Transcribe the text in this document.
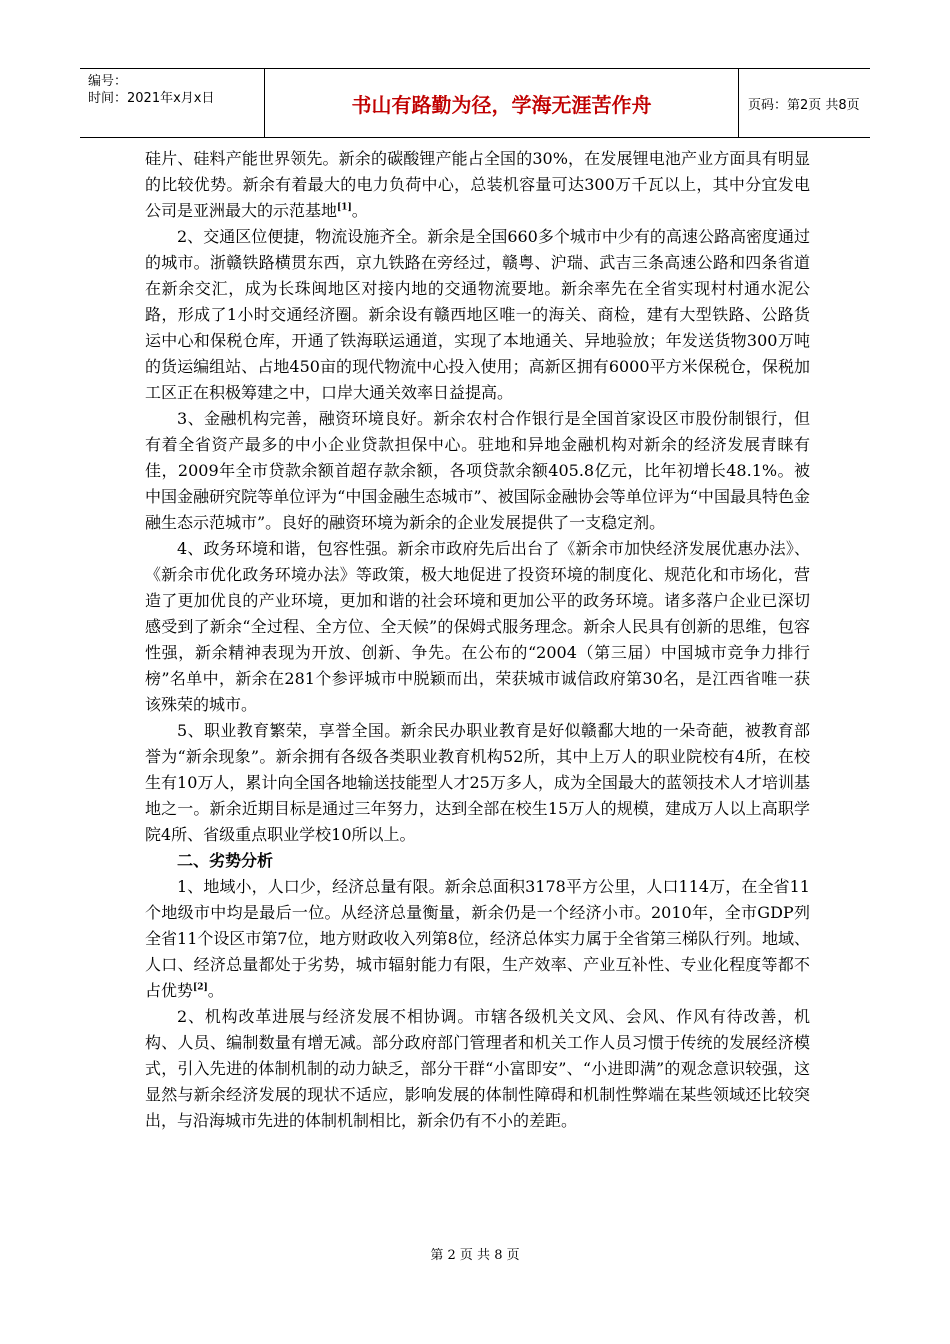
编号：
时间：2021年x月x日	书山有路勤为径，学海无涯苦作舟	页码：第2页 共8页

硅片、硅料产能世界领先。新余的碳酸锂产能占全国的30%，在发展锂电池产业方面具有明显的比较优势。新余有着最大的电力负荷中心，总装机容量可达300万千瓦以上，其中分宜发电公司是亚洲最大的示范基地[1]。

2、交通区位便捷，物流设施齐全。新余是全国660多个城市中少有的高速公路高密度通过的城市。浙赣铁路横贯东西，京九铁路在旁经过，赣粤、沪瑞、武吉三条高速公路和四条省道在新余交汇，成为长珠闽地区对接内地的交通物流要地。新余率先在全省实现村村通水泥公路，形成了1小时交通经济圈。新余设有赣西地区唯一的海关、商检，建有大型铁路、公路货运中心和保税仓库，开通了铁海联运通道，实现了本地通关、异地验放；年发送货物300万吨的货运编组站、占地450亩的现代物流中心投入使用；高新区拥有6000平方米保税仓，保税加工区正在积极筹建之中，口岸大通关效率日益提高。

3、金融机构完善，融资环境良好。新余农村合作银行是全国首家设区市股份制银行，但有着全省资产最多的中小企业贷款担保中心。驻地和异地金融机构对新余的经济发展青睐有佳，2009年全市贷款余额首超存款余额，各项贷款余额405.8亿元，比年初增长48.1%。被中国金融研究院等单位评为“中国金融生态城市”、被国际金融协会等单位评为“中国最具特色金融生态示范城市”。良好的融资环境为新余的企业发展提供了一支稳定剂。

4、政务环境和谐，包容性强。新余市政府先后出台了《新余市加快经济发展优惠办法》、《新余市优化政务环境办法》等政策，极大地促进了投资环境的制度化、规范化和市场化，营造了更加优良的产业环境，更加和谐的社会环境和更加公平的政务环境。诸多落户企业已深切感受到了新余“全过程、全方位、全天候”的保姆式服务理念。新余人民具有创新的思维，包容性强，新余精神表现为开放、创新、争先。在公布的“2004（第三届）中国城市竞争力排行榜”名单中，新余在281个参评城市中脱颖而出，荣获城市诚信政府第30名，是江西省唯一获该殊荣的城市。

5、职业教育繁荣，享誉全国。新余民办职业教育是好似赣鄱大地的一朵奇葩，被教育部誉为“新余现象”。新余拥有各级各类职业教育机构52所，其中上万人的职业院校有4所，在校生有10万人，累计向全国各地输送技能型人才25万多人，成为全国最大的蓝领技术人才培训基地之一。新余近期目标是通过三年努力，达到全部在校生15万人的规模，建成万人以上高职学院4所、省级重点职业学校10所以上。

二、劣势分析

1、地域小，人口少，经济总量有限。新余总面积3178平方公里，人口114万，在全省11个地级市中均是最后一位。从经济总量衡量，新余仍是一个经济小市。2010年，全市GDP列全省11个设区市第7位，地方财政收入列第8位，经济总体实力属于全省第三梯队行列。地域、人口、经济总量都处于劣势，城市辐射能力有限，生产效率、产业互补性、专业化程度等都不占优势[2]。

2、机构改革进展与经济发展不相协调。市辖各级机关文风、会风、作风有待改善，机构、人员、编制数量有增无减。部分政府部门管理者和机关工作人员习惯于传统的发展经济模式，引入先进的体制机制的动力缺乏，部分干群“小富即安”、“小进即满”的观念意识较强，这显然与新余经济发展的现状不适应，影响发展的体制性障碍和机制性弊端在某些领域还比较突出，与沿海城市先进的体制机制相比，新余仍有不小的差距。

第 2 页 共 8 页
